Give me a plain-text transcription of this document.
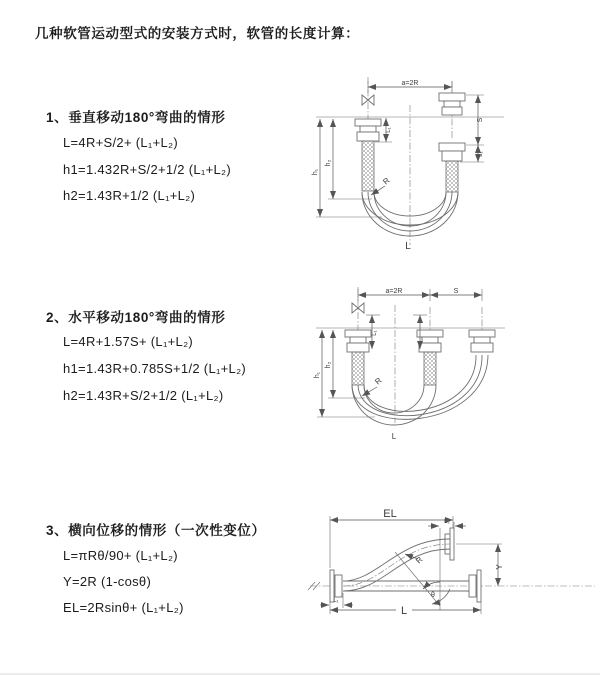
几种软管运动型式的安装方式时，软管的长度计算：
1、垂直移动180°弯曲的情形
L=4R+S/2+ (L₁+L₂)
h1=1.432R+S/2+1/2 (L₁+L₂)
h2=1.43R+1/2 (L₁+L₂)
2、水平移动180°弯曲的情形
L=4R+1.57S+ (L₁+L₂)
h1=1.43R+0.785S+1/2 (L₁+L₂)
h2=1.43R+S/2+1/2 (L₁+L₂)
3、横向位移的情形（一次性变位）
L=πRθ/90+ (L₁+L₂)
Y=2R (1-cosθ)
EL=2Rsinθ+ (L₁+L₂)
a=2R
S
L₁
L₁
h₂
h₁
R
L
a=2R	S
L₁
h₂
h₁
R
L
EL
L₂
Y
θ
R
L
L₁
